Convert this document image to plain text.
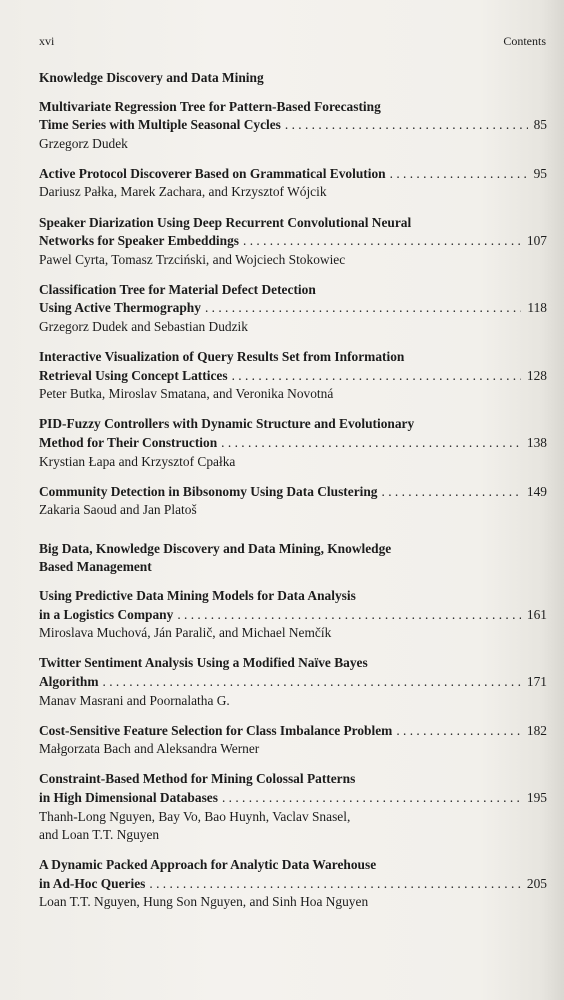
xvi	Contents
Knowledge Discovery and Data Mining
Multivariate Regression Tree for Pattern-Based Forecasting
Time Series with Multiple Seasonal Cycles . . .	85
Grzegorz Dudek
Active Protocol Discoverer Based on Grammatical Evolution . . .	95
Dariusz Pałka, Marek Zachara, and Krzysztof Wójcik
Speaker Diarization Using Deep Recurrent Convolutional Neural
Networks for Speaker Embeddings . . .	107
Pawel Cyrta, Tomasz Trzciński, and Wojciech Stokowiec
Classification Tree for Material Defect Detection
Using Active Thermography . . .	118
Grzegorz Dudek and Sebastian Dudzik
Interactive Visualization of Query Results Set from Information
Retrieval Using Concept Lattices . . .	128
Peter Butka, Miroslav Smatana, and Veronika Novotná
PID-Fuzzy Controllers with Dynamic Structure and Evolutionary
Method for Their Construction . . .	138
Krystian Łapa and Krzysztof Cpałka
Community Detection in Bibsonomy Using Data Clustering . . .	149
Zakaria Saoud and Jan Platoš
Big Data, Knowledge Discovery and Data Mining, Knowledge
Based Management
Using Predictive Data Mining Models for Data Analysis
in a Logistics Company . . .	161
Miroslava Muchová, Ján Paralič, and Michael Nemčík
Twitter Sentiment Analysis Using a Modified Naïve Bayes
Algorithm . . .	171
Manav Masrani and Poornalatha G.
Cost-Sensitive Feature Selection for Class Imbalance Problem . . .	182
Małgorzata Bach and Aleksandra Werner
Constraint-Based Method for Mining Colossal Patterns
in High Dimensional Databases . . .	195
Thanh-Long Nguyen, Bay Vo, Bao Huynh, Vaclav Snasel,
and Loan T.T. Nguyen
A Dynamic Packed Approach for Analytic Data Warehouse
in Ad-Hoc Queries . . .	205
Loan T.T. Nguyen, Hung Son Nguyen, and Sinh Hoa Nguyen
